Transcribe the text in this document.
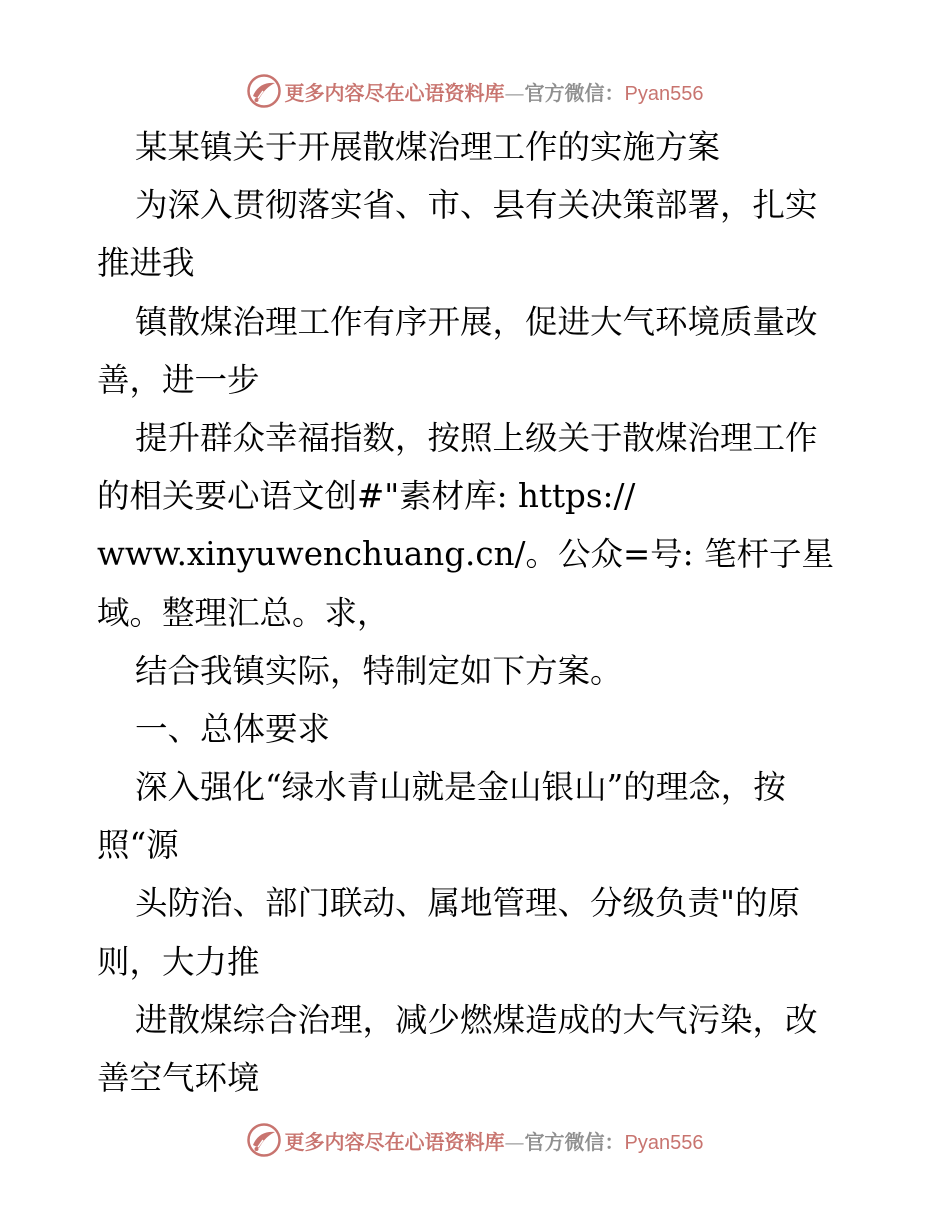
更多内容尽在心语资料库—官方微信：Pyan556
某某镇关于开展散煤治理工作的实施方案
为深入贯彻落实省、市、县有关决策部署，扎实
推进我
镇散煤治理工作有序开展，促进大气环境质量改
善，进一步
提升群众幸福指数，按照上级关于散煤治理工作
的相关要心语文创#"素材库: https://
www.xinyuwenchuang.cn/。公众=号: 笔杆子星
域。整理汇总。求，
结合我镇实际，特制定如下方案。
一、总体要求
深入强化“绿水青山就是金山银山”的理念，按
照“源
头防治、部门联动、属地管理、分级负责"的原
则，大力推
进散煤综合治理，减少燃煤造成的大气污染，改
善空气环境
更多内容尽在心语资料库—官方微信：Pyan556
